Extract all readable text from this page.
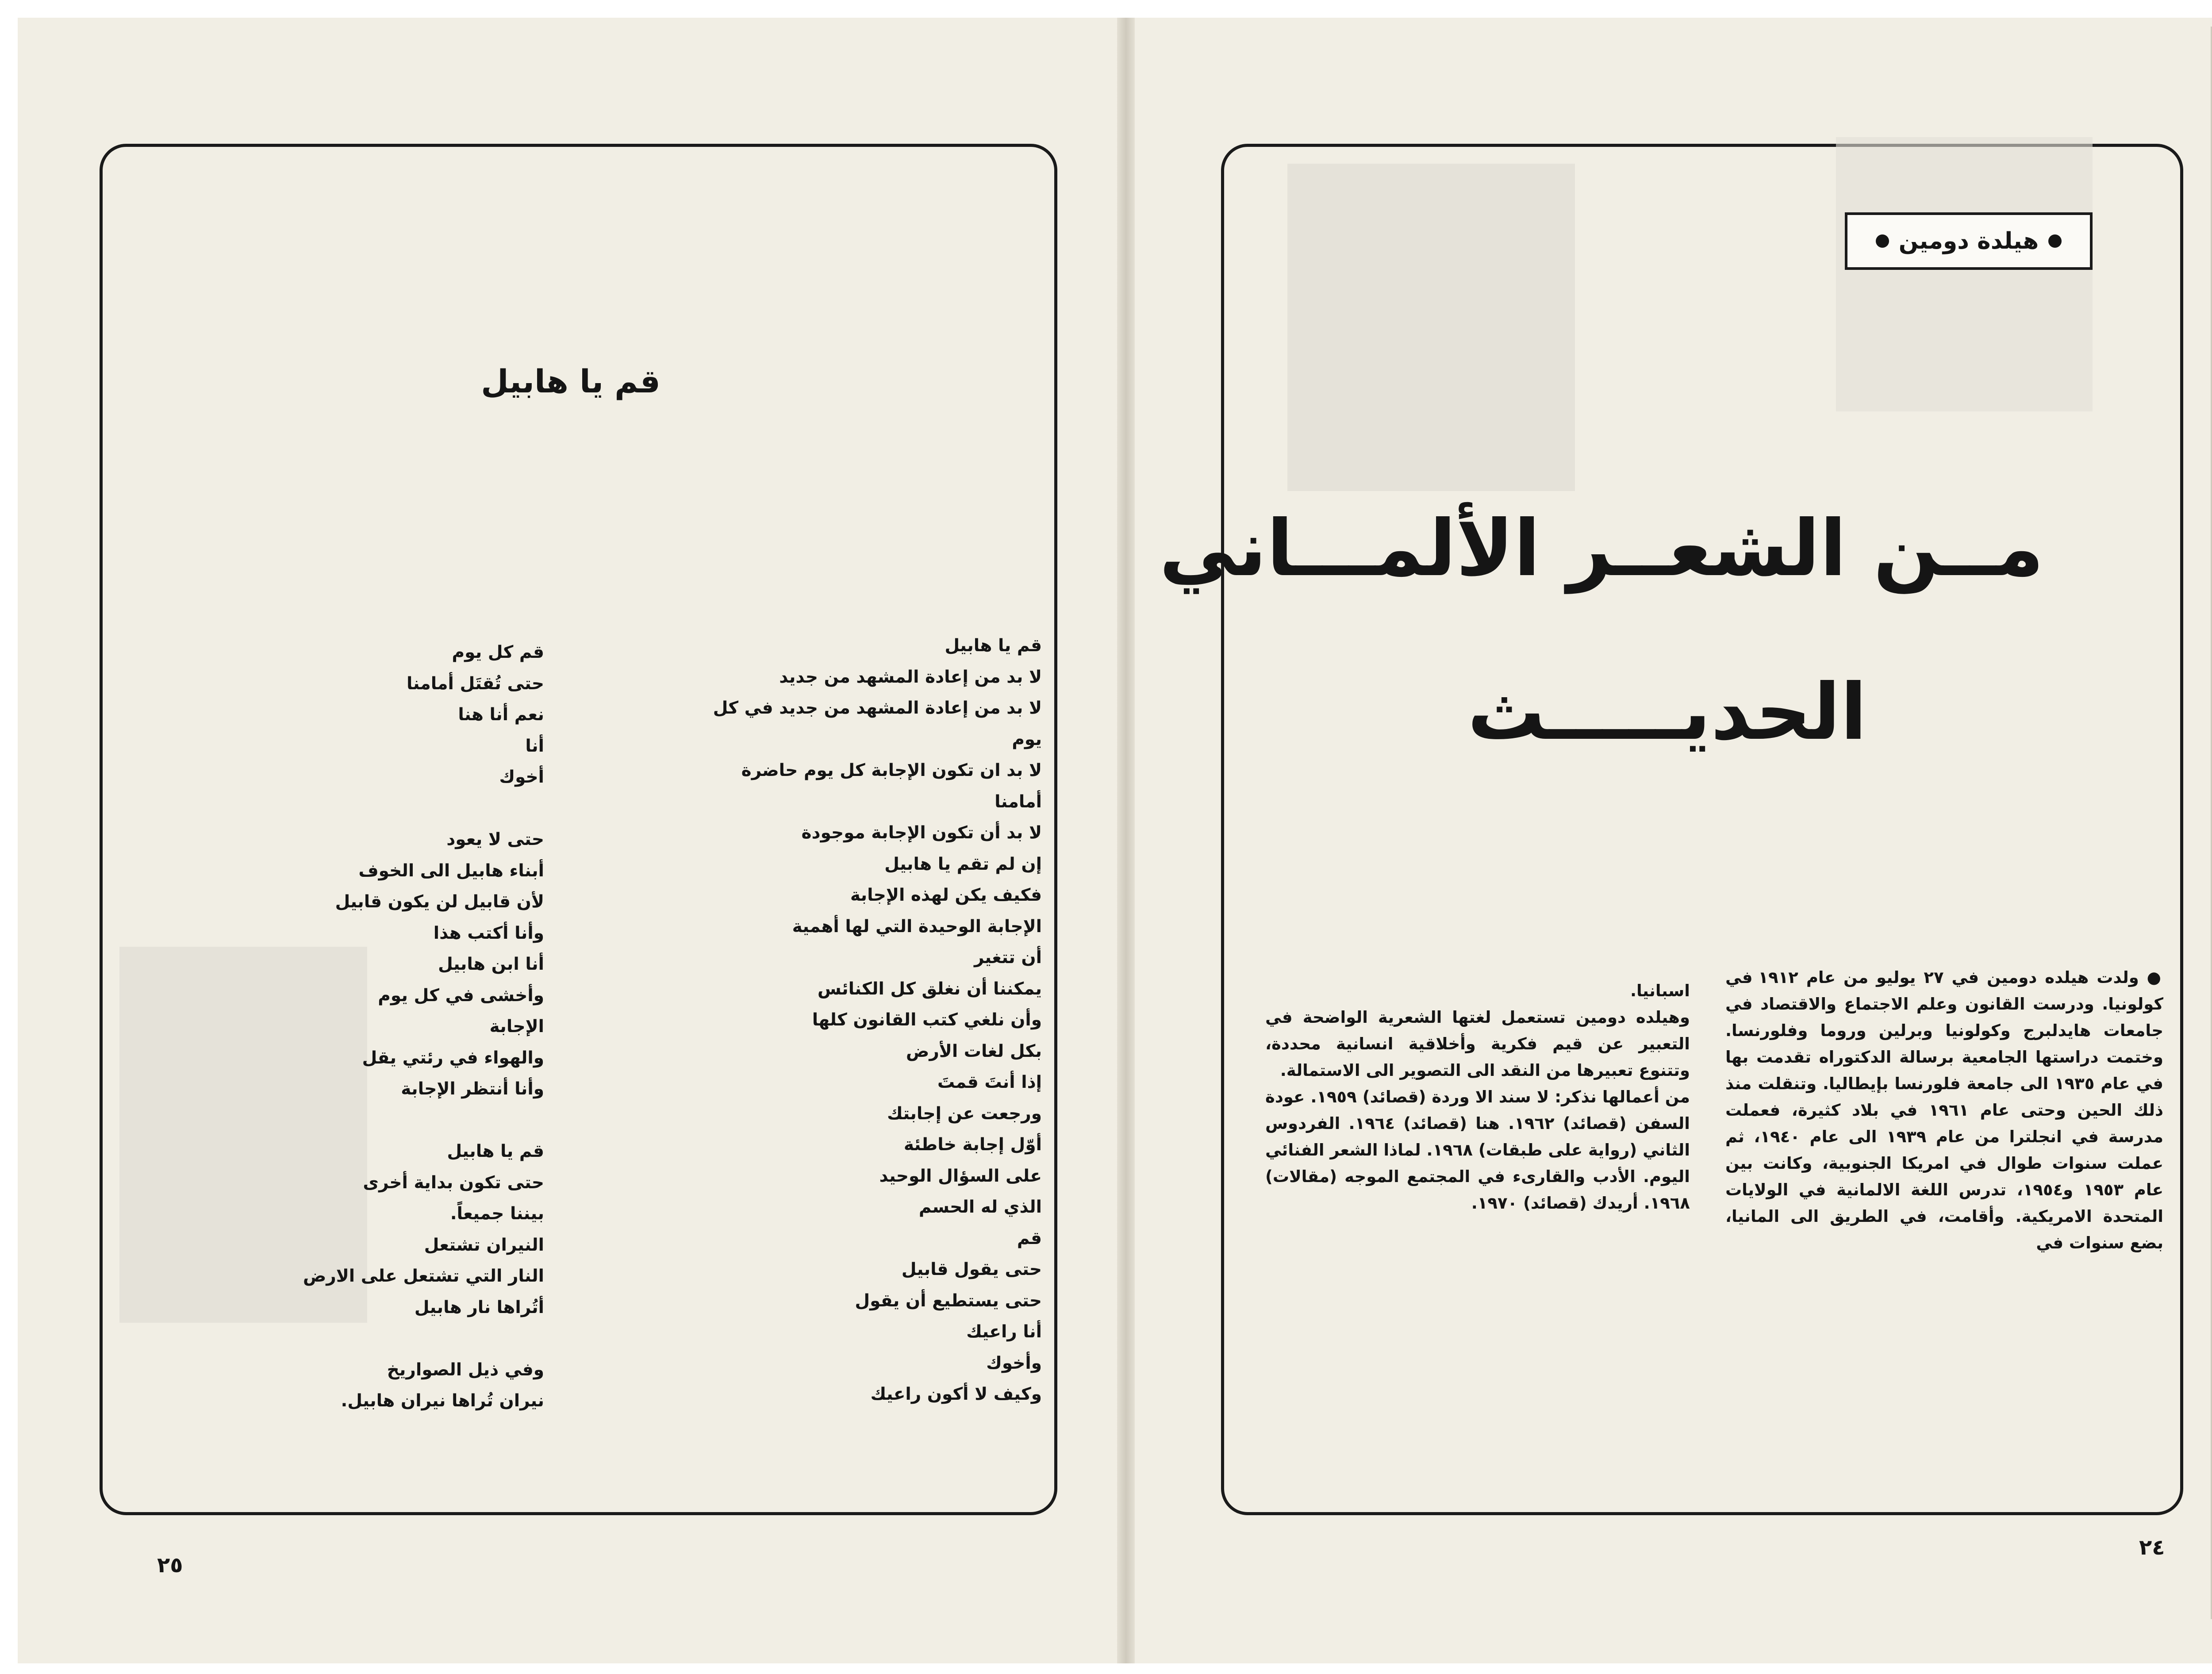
قم يا هابيل
قم يا هابيل
لا بد من إعادة المشهد من جديد
لا بد من إعادة المشهد من جديد في كل
يوم
لا بد ان تكون الإجابة كل يوم حاضرة
أمامنا
لا بد أن تكون الإجابة موجودة
إن لم تقم يا هابيل
فكيف يكن لهذه الإجابة
الإجابة الوحيدة التي لها أهمية
أن تتغير
يمكننا أن نغلق كل الكنائس
وأن نلغي كتب القانون كلها
بكل لغات الأرض
إذا أنتَ قمتَ
ورجعت عن إجابتك
أوّل إجابة خاطئة
على السؤال الوحيد
الذي له الحسم
قم
حتى يقول قابيل
حتى يستطيع أن يقول
أنا راعيك
وأخوك
وكيف لا أكون راعيك
قم كل يوم
حتى تُقتَل أمامنا
نعم أنا هنا
أنا
أخوك
حتى لا يعود
أبناء هابيل الى الخوف
لأن قابيل لن يكون قابيل
وأنا أكتب هذا
أنا ابن هابيل
وأخشى في كل يوم
الإجابة
والهواء في رئتي يقل
وأنا أنتظر الإجابة
قم يا هابيل
حتى تكون بداية أخرى
بيننا جميعاً.
النيران تشتعل
النار التي تشتعل على الارض
أتُراها نار هابيل
وفي ذيل الصواريخ
نيران تُراها نيران هابيل.
٢٥
هيلدة دومين
مــن الشعــر الألمـــاني
الحديـــــث

● ولدت هيلده دومين في ٢٧ يوليو من عام ١٩١٢ في كولونيا. ودرست القانون وعلم الاجتماع والاقتصاد في جامعات هايدلبرج وكولونيا وبرلين وروما وفلورنسا. وختمت دراستها الجامعية برسالة الدكتوراه تقدمت بها في عام ١٩٣٥ الى جامعة فلورنسا بإيطاليا. وتنقلت منذ ذلك الحين وحتى عام ١٩٦١ في بلاد كثيرة، فعملت مدرسة في انجلترا من عام ١٩٣٩ الى عام ١٩٤٠، ثم عملت سنوات طوال في امريكا الجنوبية، وكانت بين عام ١٩٥٣ و١٩٥٤، تدرس اللغة الالمانية في الولايات المتحدة الامريكية. وأقامت، في الطريق الى المانيا، بضع سنوات في

اسبانيا.

وهيلده دومين تستعمل لغتها الشعرية الواضحة في التعبير عن قيم فكرية وأخلاقية انسانية محددة، وتتنوع تعبيرها من النقد الى التصوير الى الاستمالة.

من أعمالها نذكر: لا سند الا وردة (قصائد) ١٩٥٩. عودة السفن (قصائد) ١٩٦٢. هنا (قصائد) ١٩٦٤. الفردوس الثاني (رواية على طبقات) ١٩٦٨. لماذا الشعر الفنائي اليوم. الأدب والقارىء في المجتمع الموجه (مقالات) ١٩٦٨. أريدك (قصائد) ١٩٧٠.

٢٤
